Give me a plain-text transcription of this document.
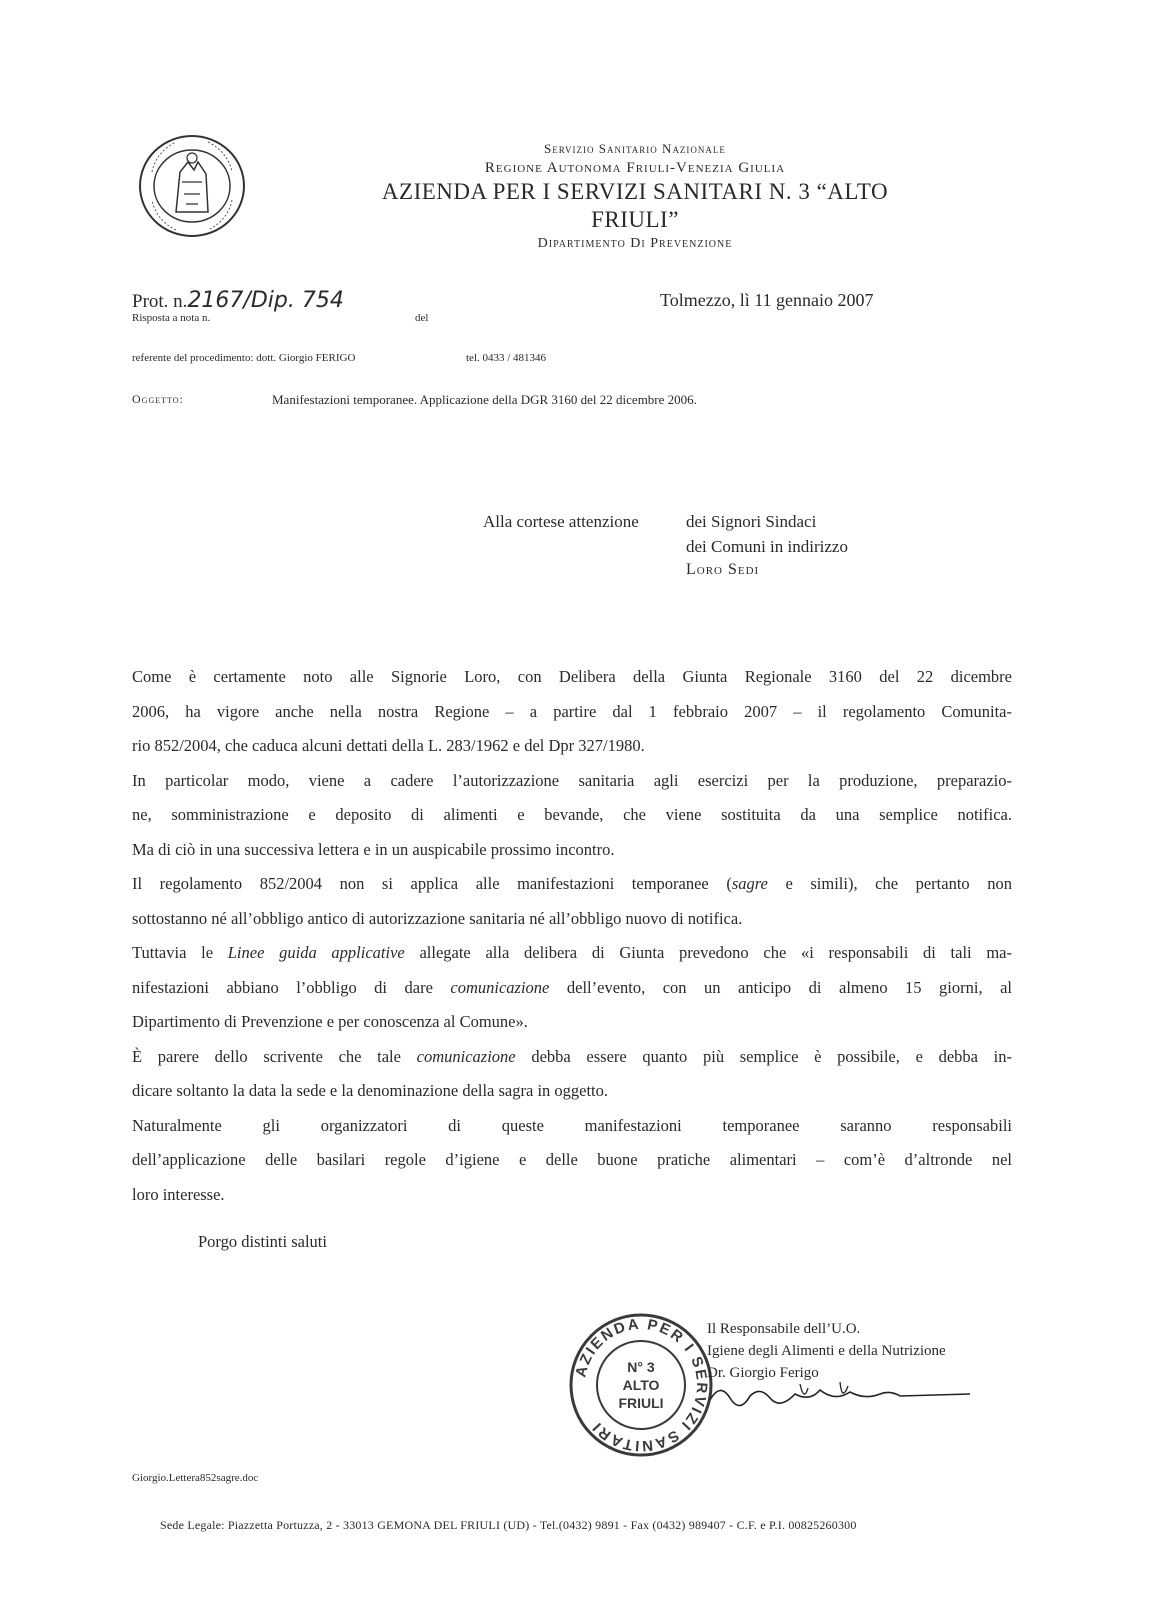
Servizio Sanitario Nazionale
Regione Autonoma Friuli-Venezia Giulia
AZIENDA PER I SERVIZI SANITARI N. 3 “ALTO FRIULI”
Dipartimento Di Prevenzione
Prot. n.2167/Dip. 754
Risposta a nota n.	del
Tolmezzo, lì 11 gennaio 2007
referente del procedimento: dott. Giorgio FERIGO	tel. 0433 / 481346
Oggetto:	Manifestazioni temporanee. Applicazione della DGR 3160 del 22 dicembre 2006.
Alla cortese attenzione	dei Signori Sindaci
dei Comuni in indirizzo
Loro Sedi

Come è certamente noto alle Signorie Loro, con Delibera della Giunta Regionale 3160 del 22 dicembre

2006, ha vigore anche nella nostra Regione – a partire dal 1 febbraio 2007 – il regolamento Comunita-

rio 852/2004, che caduca alcuni dettati della L. 283/1962 e del Dpr 327/1980.

In particolar modo, viene a cadere l’autorizzazione sanitaria agli esercizi per la produzione, preparazio-

ne, somministrazione e deposito di alimenti e bevande, che viene sostituita da una semplice notifica.

Ma di ciò in una successiva lettera e in un auspicabile prossimo incontro.

Il regolamento 852/2004 non si applica alle manifestazioni temporanee (sagre e simili), che pertanto non

sottostanno né all’obbligo antico di autorizzazione sanitaria né all’obbligo nuovo di notifica.

Tuttavia le Linee guida applicative allegate alla delibera di Giunta prevedono che «i responsabili di tali ma-

nifestazioni abbiano l’obbligo di dare comunicazione dell’evento, con un anticipo di almeno 15 giorni, al

Dipartimento di Prevenzione e per conoscenza al Comune».

È parere dello scrivente che tale comunicazione debba essere quanto più semplice è possibile, e debba in-

dicare soltanto la data la sede e la denominazione della sagra in oggetto.

Naturalmente gli organizzatori di queste manifestazioni temporanee saranno responsabili

dell’applicazione delle basilari regole d’igiene e delle buone pratiche alimentari – com’è d’altronde nel

loro interesse.

Porgo distinti saluti
AZIENDA PER I SERVIZI SANITARI
N° 3
ALTO
FRIULI
Il Responsabile dell’U.O.
Igiene degli Alimenti e della Nutrizione
Dr. Giorgio Ferigo
Giorgio.Lettera852sagre.doc
Sede Legale: Piazzetta Portuzza, 2 - 33013 GEMONA DEL FRIULI (UD) - Tel.(0432) 9891 - Fax (0432) 989407 - C.F. e P.I. 00825260300
